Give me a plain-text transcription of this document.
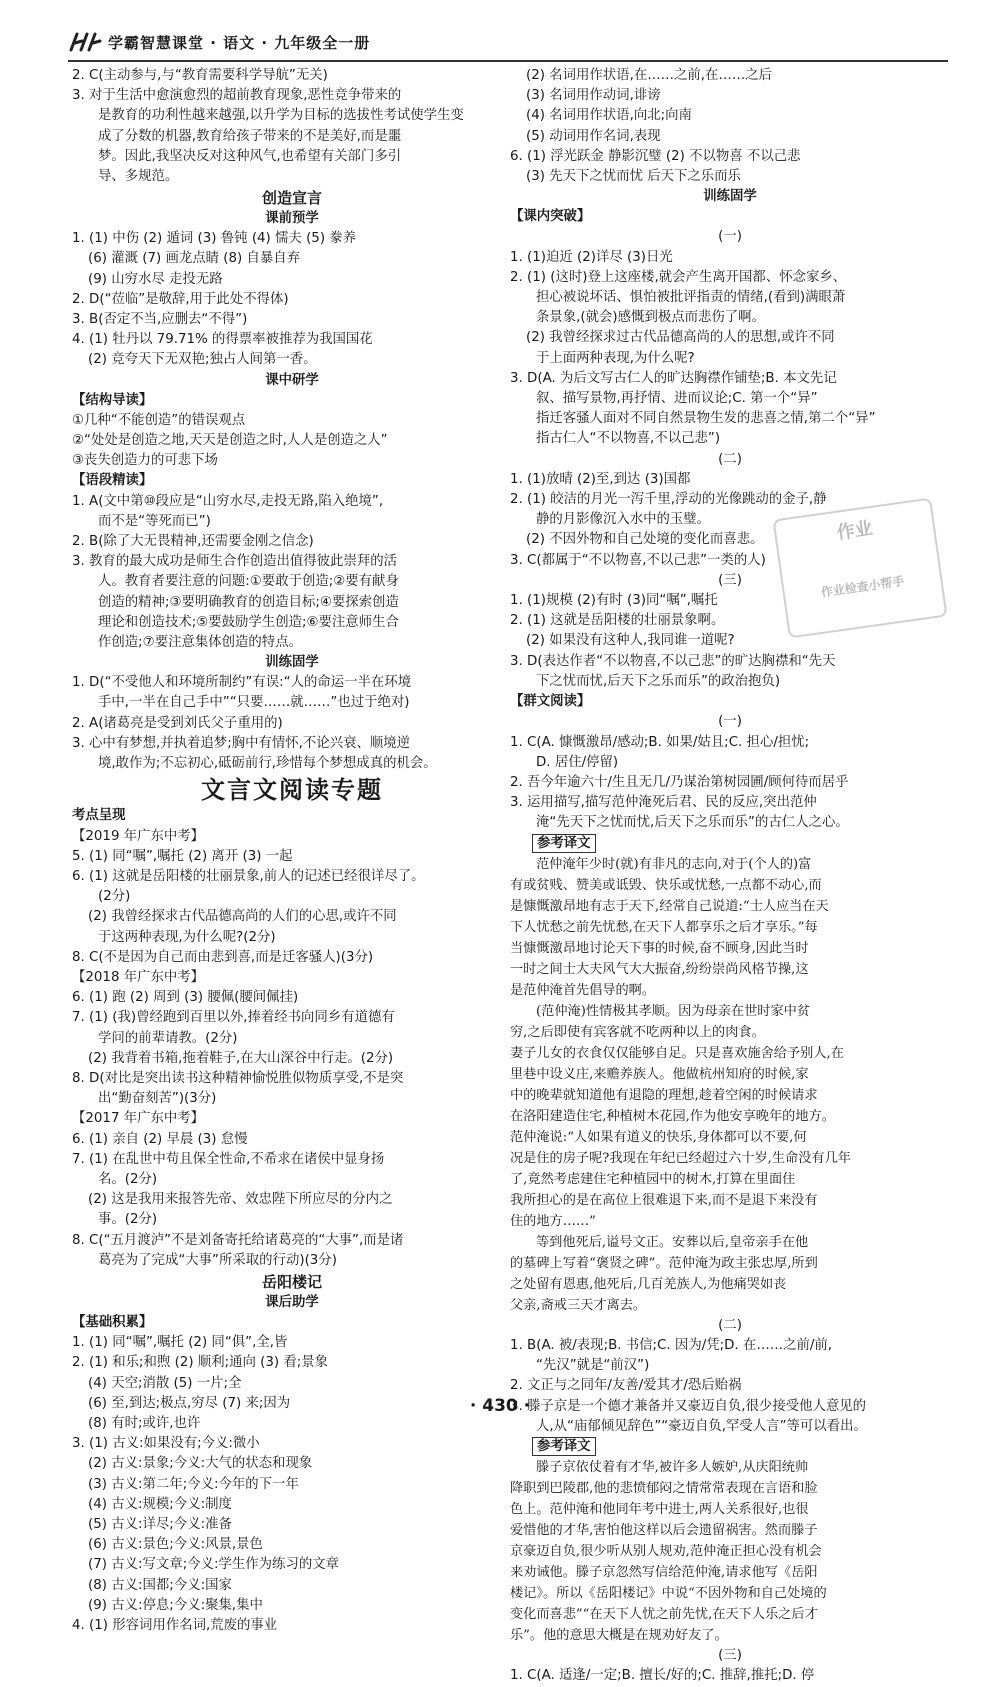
学霸智慧课堂 · 语文 · 九年级全一册
2. C(主动参与,与“教育需要科学导航”无关)
3. 对于生活中愈演愈烈的超前教育现象,恶性竞争带来的
是教育的功利性越来越强,以升学为目标的选拔性考试使学生变
成了分数的机器,教育给孩子带来的不是美好,而是噩
梦。因此,我坚决反对这种风气,也希望有关部门多引
导、多规范。
创造宣言
课前预学
1. (1) 中伤 (2) 遁词 (3) 鲁钝 (4) 懦夫 (5) 豢养
(6) 灌溉 (7) 画龙点睛 (8) 自暴自弃
(9) 山穷水尽 走投无路
2. D(“莅临”是敬辞,用于此处不得体)
3. B(否定不当,应删去“不得”)
4. (1) 牡丹以 79.71% 的得票率被推荐为我国国花
(2) 竞夸天下无双艳;独占人间第一香。
课中研学
【结构导读】
①几种“不能创造”的错误观点
②“处处是创造之地,天天是创造之时,人人是创造之人”
③丧失创造力的可悲下场
【语段精读】
1. A(文中第⑩段应是“山穷水尽,走投无路,陷入绝境”,
而不是“等死而已”)
2. B(除了大无畏精神,还需要金刚之信念)
3. 教育的最大成功是师生合作创造出值得彼此崇拜的活
人。教育者要注意的问题:①要敢于创造;②要有献身
创造的精神;③要明确教育的创造目标;④要探索创造
理论和创造技术;⑤要鼓励学生创造;⑥要注意师生合
作创造;⑦要注意集体创造的特点。
训练固学
1. D(“不受他人和环境所制约”有误:“人的命运一半在环境
手中,一半在自己手中”“只要……就……”也过于绝对)
2. A(诸葛亮是受到刘氏父子重用的)
3. 心中有梦想,并执着追梦;胸中有情怀,不论兴衰、顺境逆
境,敢作为;不忘初心,砥砺前行,珍惜每个梦想成真的机会。
文言文阅读专题
考点呈现
【2019 年广东中考】
5. (1) 同“嘱”,嘱托 (2) 离开 (3) 一起
6. (1) 这就是岳阳楼的壮丽景象,前人的记述已经很详尽了。
(2分)
(2) 我曾经探求古代品德高尚的人们的心思,或许不同
于这两种表现,为什么呢?(2分)
8. C(不是因为自己而由悲到喜,而是迁客骚人)(3分)
【2018 年广东中考】
6. (1) 跑 (2) 周到 (3) 腰佩(腰间佩挂)
7. (1) (我)曾经跑到百里以外,捧着经书向同乡有道德有
学问的前辈请教。(2分)
(2) 我背着书箱,拖着鞋子,在大山深谷中行走。(2分)
8. D(对比是突出读书这种精神愉悦胜似物质享受,不是突
出“勤奋刻苦”)(3分)
【2017 年广东中考】
6. (1) 亲自 (2) 早晨 (3) 怠慢
7. (1) 在乱世中苟且保全性命,不希求在诸侯中显身扬
名。(2分)
(2) 这是我用来报答先帝、效忠陛下所应尽的分内之
事。(2分)
8. C(“五月渡泸”不是刘备寄托给诸葛亮的“大事”,而是诸
葛亮为了完成“大事”所采取的行动)(3分)
岳阳楼记
课后助学
【基础积累】
1. (1) 同“嘱”,嘱托 (2) 同“俱”,全,皆
2. (1) 和乐;和煦 (2) 顺利;通向 (3) 看;景象
(4) 天空;消散 (5) 一片;全
(6) 至,到达;极点,穷尽 (7) 来;因为
(8) 有时;或许,也许
3. (1) 古义:如果没有;今义:微小
(2) 古义:景象;今义:大气的状态和现象
(3) 古义:第二年;今义:今年的下一年
(4) 古义:规模;今义:制度
(5) 古义:详尽;今义:准备
(6) 古义:景色;今义:风景,景色
(7) 古义:写文章;今义:学生作为练习的文章
(8) 古义:国都;今义:国家
(9) 古义:停息;今义:聚集,集中
4. (1) 形容词用作名词,荒废的事业
(2) 名词用作状语,在……之前,在……之后
(3) 名词用作动词,诽谤
(4) 名词用作状语,向北;向南
(5) 动词用作名词,表现
6. (1) 浮光跃金 静影沉璧 (2) 不以物喜 不以己悲
(3) 先天下之忧而忧 后天下之乐而乐
训练固学
【课内突破】
(一)
1. (1)迫近 (2)详尽 (3)日光
2. (1) (这时)登上这座楼,就会产生离开国都、怀念家乡、
担心被说坏话、惧怕被批评指责的情绪,(看到)满眼萧
条景象,(就会)感慨到极点而悲伤了啊。
(2) 我曾经探求过古代品德高尚的人的思想,或许不同
于上面两种表现,为什么呢?
3. D(A. 为后文写古仁人的旷达胸襟作铺垫;B. 本文先记
叙、描写景物,再抒情、进而议论;C. 第一个“异”
指迁客骚人面对不同自然景物生发的悲喜之情,第二个“异”
指古仁人“不以物喜,不以己悲”)
(二)
1. (1)放晴 (2)至,到达 (3)国都
2. (1) 皎洁的月光一泻千里,浮动的光像跳动的金子,静
静的月影像沉入水中的玉璧。
(2) 不因外物和自己处境的变化而喜悲。
3. C(都属于“不以物喜,不以己悲”一类的人)
(三)
1. (1)规模 (2)有时 (3)同“嘱”,嘱托
2. (1) 这就是岳阳楼的壮丽景象啊。
(2) 如果没有这种人,我同谁一道呢?
3. D(表达作者“不以物喜,不以己悲”的旷达胸襟和“先天
下之忧而忧,后天下之乐而乐”的政治抱负)
【群文阅读】
(一)
1. C(A. 慷慨激昂/感动;B. 如果/姑且;C. 担心/担忧;
D. 居住/停留)
2. 吾今年逾六十/生且无几/乃谋治第树园圃/顾何待而居乎
3. 运用描写,描写范仲淹死后君、民的反应,突出范仲
淹“先天下之忧而忧,后天下之乐而乐”的古仁人之心。
参考译文
范仲淹年少时(就)有非凡的志向,对于(个人的)富
有或贫贱、赞美或诋毁、快乐或忧愁,一点都不动心,而
是慷慨激昂地有志于天下,经常自己说道:“士人应当在天
下人忧愁之前先忧愁,在天下人都享乐之后才享乐。”每
当慷慨激昂地讨论天下事的时候,奋不顾身,因此当时
一时之间士大夫风气大大振奋,纷纷崇尚风格节操,这
是范仲淹首先倡导的啊。
(范仲淹)性情极其孝顺。因为母亲在世时家中贫
穷,之后即使有宾客就不吃两种以上的肉食。
妻子儿女的衣食仅仅能够自足。只是喜欢施舍给予别人,在
里巷中设义庄,来赡养族人。他做杭州知府的时候,家
中的晚辈就知道他有退隐的理想,趁着空闲的时候请求
在洛阳建造住宅,种植树木花园,作为他安享晚年的地方。
范仲淹说:“人如果有道义的快乐,身体都可以不要,何
况是住的房子呢?我现在年纪已经超过六十岁,生命没有几年
了,竟然考虑建住宅种植园中的树木,打算在里面住
我所担心的是在高位上很难退下来,而不是退下来没有
住的地方……”
等到他死后,谥号文正。安葬以后,皇帝亲手在他
的墓碑上写着“褒贤之碑”。范仲淹为政主张忠厚,所到
之处留有恩惠,他死后,几百羌族人,为他痛哭如丧
父亲,斋戒三天才离去。
(二)
1. B(A. 被/表现;B. 书信;C. 因为/凭;D. 在……之前/前,
“先汉”就是“前汉”)
2. 文正与之同年/友善/爱其才/恐后贻祸
3. 滕子京是一个德才兼备并又豪迈自负,很少接受他人意见的
人,从“庙郁倾见辞色”“豪迈自负,罕受人言”等可以看出。
参考译文
滕子京依仗着有才华,被许多人嫉妒,从庆阳统帅
降职到巴陵郡,他的悲愤郁闷之情常常表现在言语和脸
色上。范仲淹和他同年考中进士,两人关系很好,也很
爱惜他的才华,害怕他这样以后会遗留祸害。然而滕子
京豪迈自负,很少听从别人规劝,范仲淹正担心没有机会
来劝诫他。滕子京忽然写信给范仲淹,请求他写《岳阳
楼记》。所以《岳阳楼记》中说“不因外物和自己处境的
变化而喜悲”“在天下人忧之前先忧,在天下人乐之后才
乐”。他的意思大概是在规劝好友了。
(三)
1. C(A. 适逢/一定;B. 擅长/好的;C. 推辞,推托;D. 停
作业
作业检查小帮手
· 430 ·
